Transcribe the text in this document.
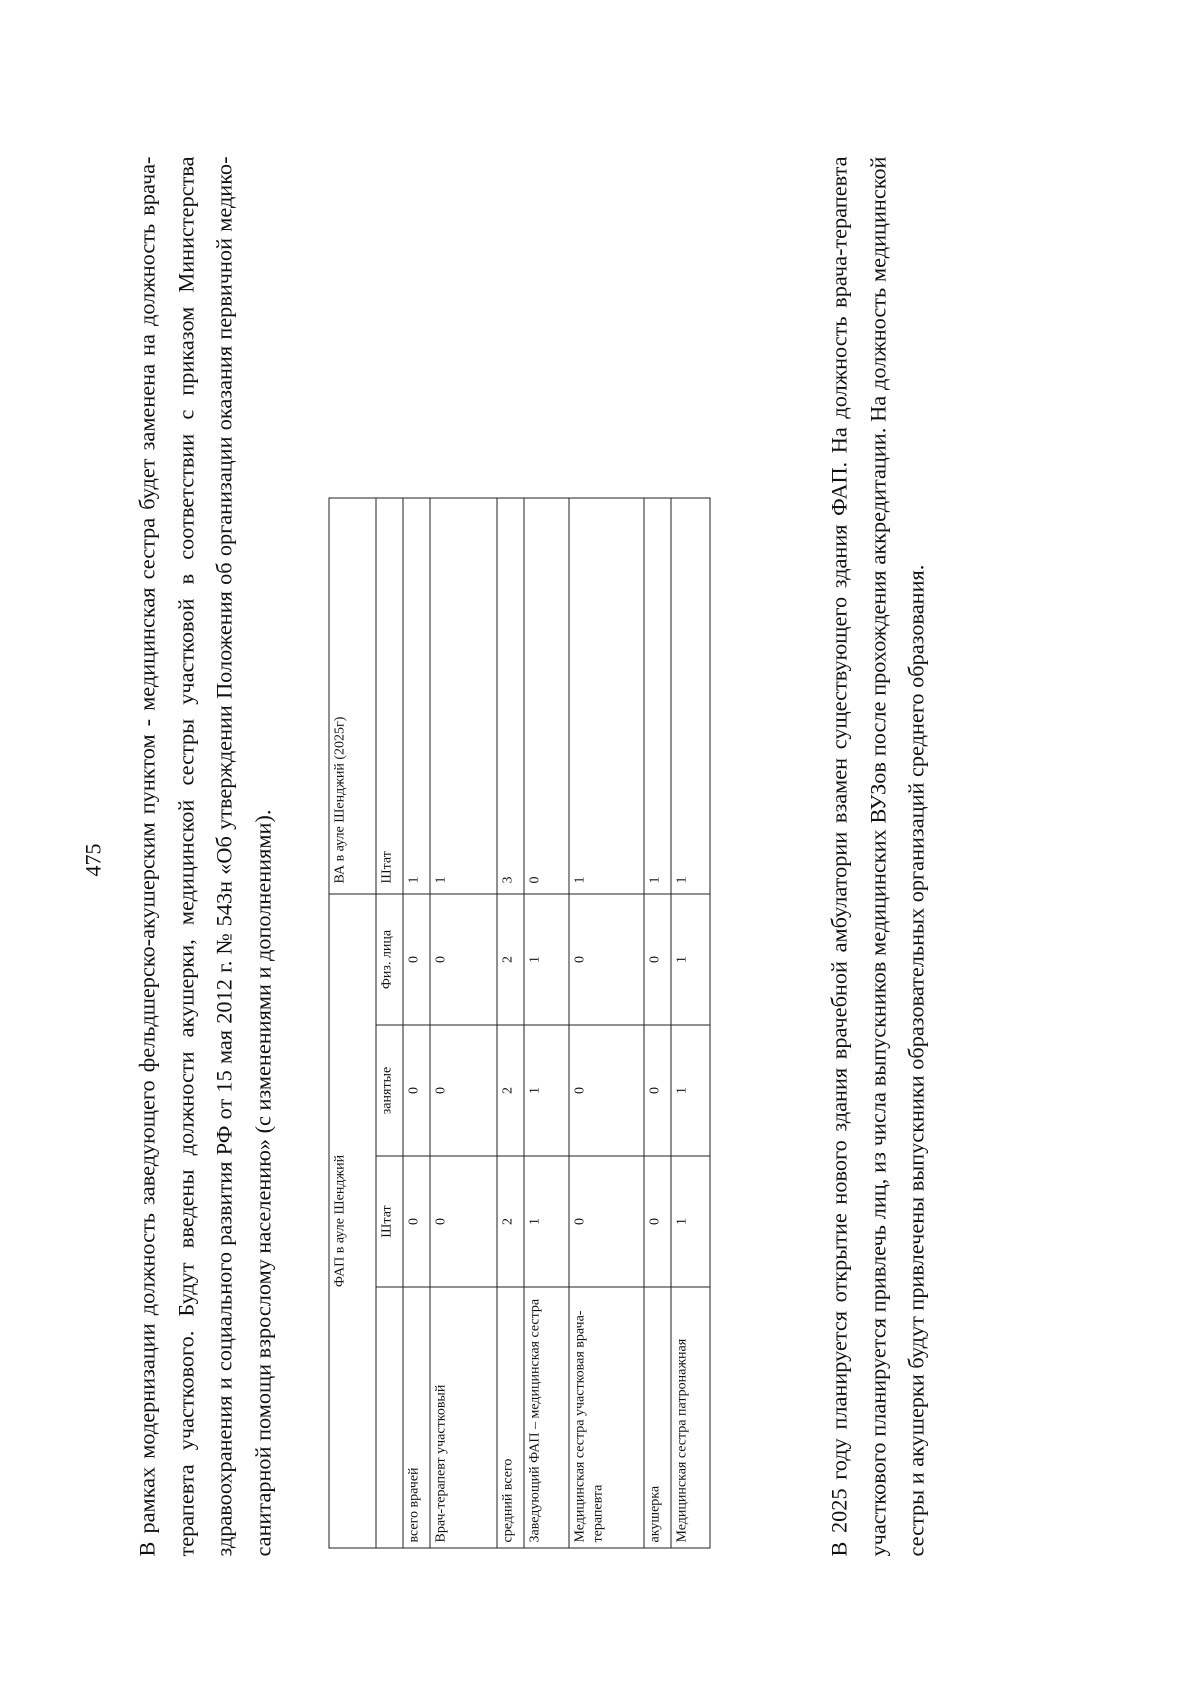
475 В рамках модернизации должность заведующего фельдшерско-акушерским пунктом - медицинская сестра будет заменена на должность врача- терапевта участкового. Будут введены должности акушерки, медицинской сестры участковой в соответствии с приказом Министерства здравоохранения и социального развития РФ от 15 мая 2012 г. № 543н «Об утверждении Положения об организации оказания первичной медико-санитарной помощи взрослому населению» (с изменениями и дополнениями).	ФАП в ауле Шенджий				ВА в ауле Шенджий (2025г)
	Штат	занятые	Физ. лица	Штат
всего врачей	0	0	0	1
Врач-терапевт участковый	0	0	0	1
средний всего	2	2	2	3
Заведующий ФАП – медицинская сестра	1	1	1	0
Медицинская сестра участковая врача-терапевта	0	0	0	1
акушерка	0	0	0	1
Медицинская сестра патронажная	1	1	1	1	В 2025 году планируется открытие нового здания врачебной амбулатории взамен существующего здания ФАП. На должность врача-терапевта участкового планируется привлечь лиц, из числа выпускников медицинских ВУЗов после прохождения аккредитации. На должность медицинской сестры и акушерки будут привлечены выпускники образовательных организаций среднего образования.
